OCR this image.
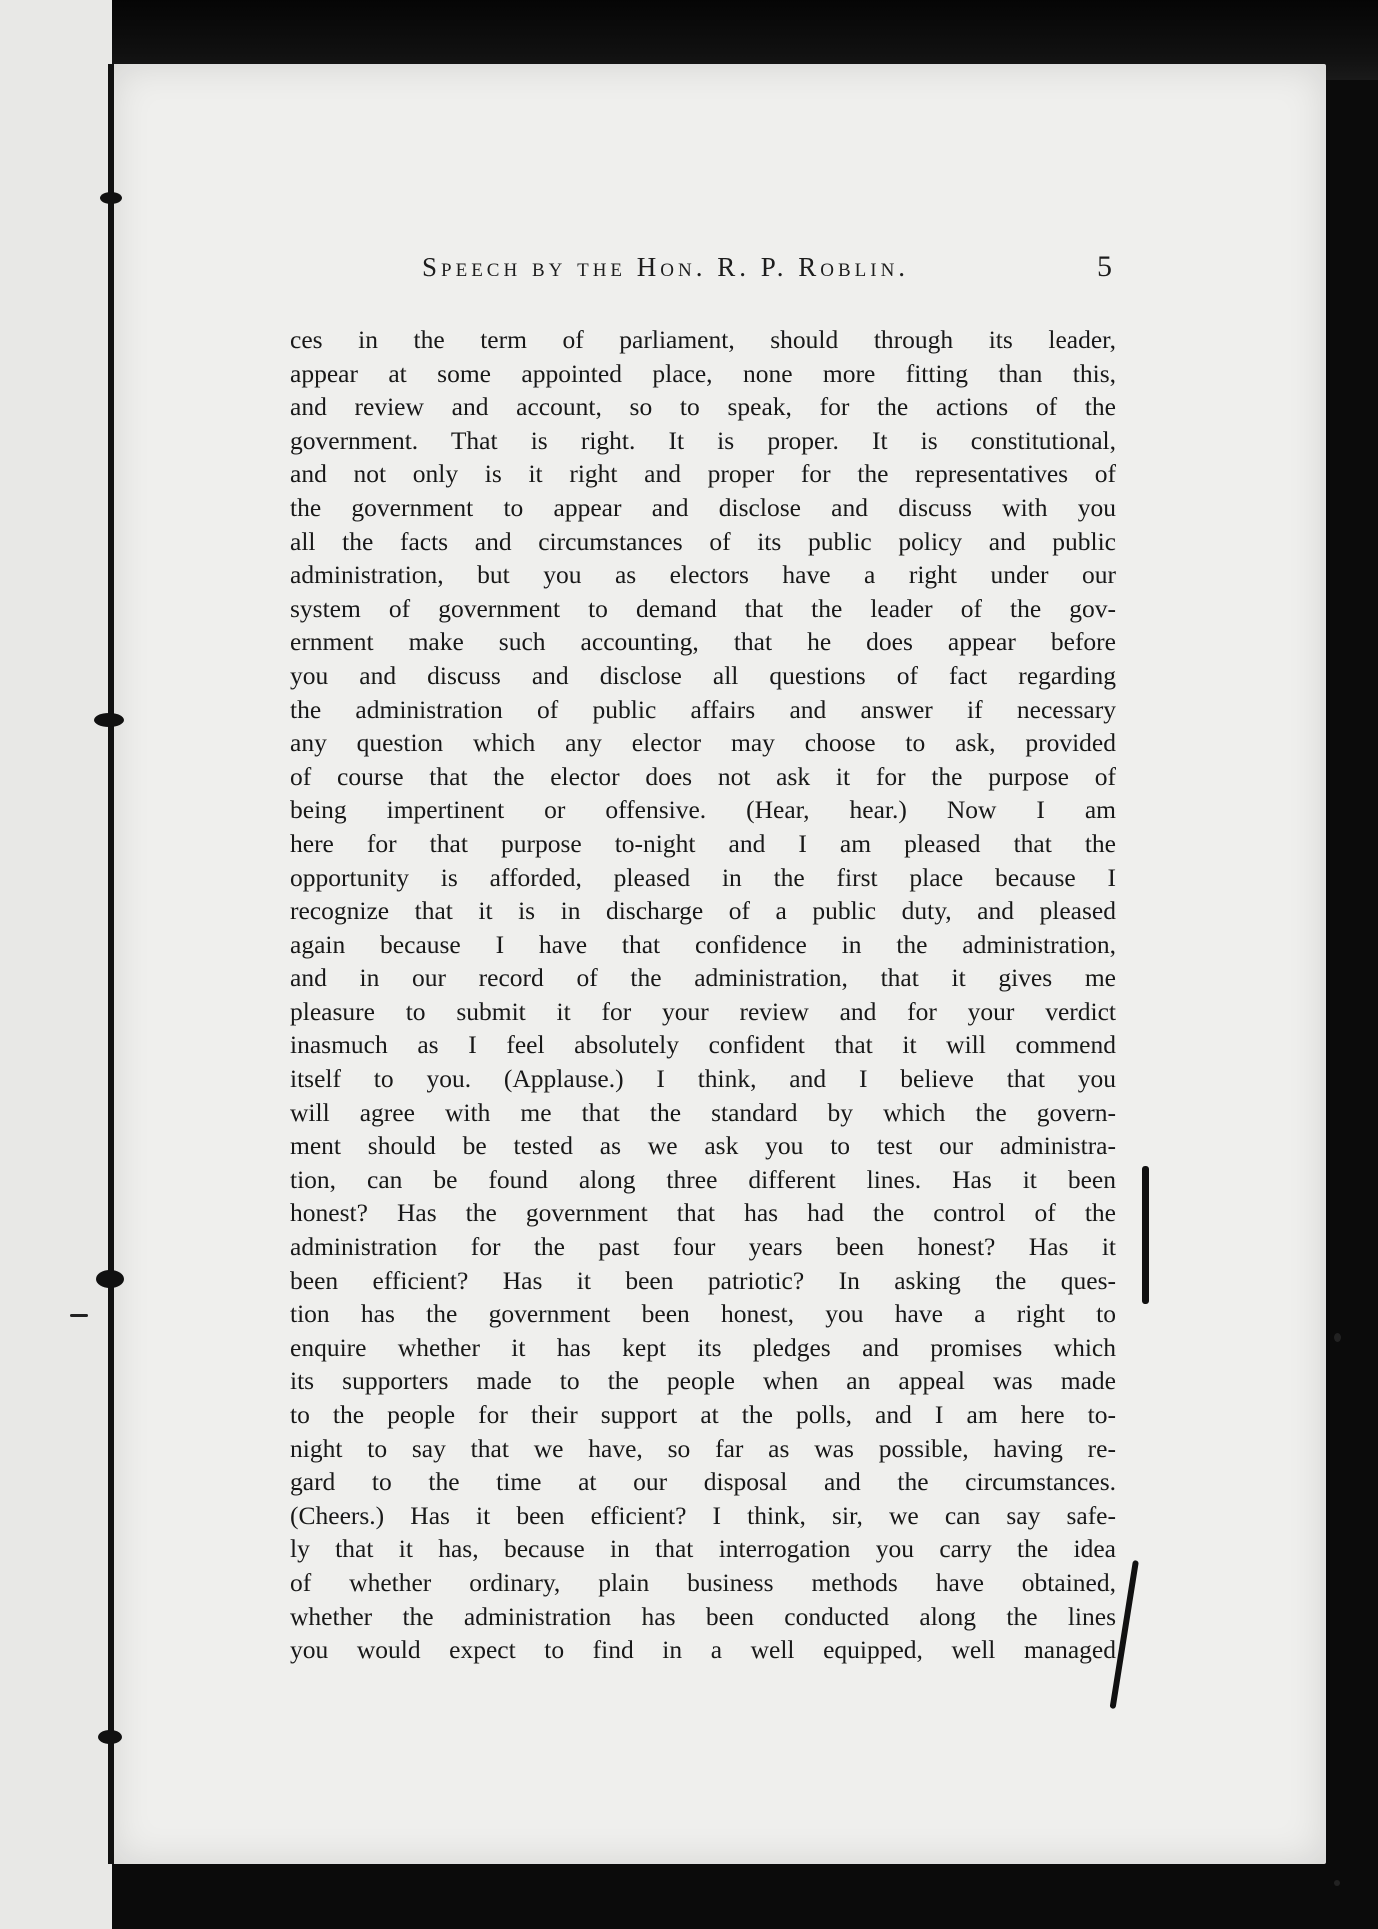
Speech by the Hon. R. P. Roblin.	5
ces in the term of parliament, should through its leader,
appear at some appointed place, none more fitting than this,
and review and account, so to speak, for the actions of the
government. That is right. It is proper. It is constitutional,
and not only is it right and proper for the representatives of
the government to appear and disclose and discuss with you
all the facts and circumstances of its public policy and public
administration, but you as electors have a right under our
system of government to demand that the leader of the gov-
ernment make such accounting, that he does appear before
you and discuss and disclose all questions of fact regarding
the administration of public affairs and answer if necessary
any question which any elector may choose to ask, provided
of course that the elector does not ask it for the purpose of
being impertinent or offensive. (Hear, hear.) Now I am
here for that purpose to-night and I am pleased that the
opportunity is afforded, pleased in the first place because I
recognize that it is in discharge of a public duty, and pleased
again because I have that confidence in the administration,
and in our record of the administration, that it gives me
pleasure to submit it for your review and for your verdict
inasmuch as I feel absolutely confident that it will commend
itself to you. (Applause.) I think, and I believe that you
will agree with me that the standard by which the govern-
ment should be tested as we ask you to test our administra-
tion, can be found along three different lines. Has it been
honest? Has the government that has had the control of the
administration for the past four years been honest? Has it
been efficient? Has it been patriotic? In asking the ques-
tion has the government been honest, you have a right to
enquire whether it has kept its pledges and promises which
its supporters made to the people when an appeal was made
to the people for their support at the polls, and I am here to-
night to say that we have, so far as was possible, having re-
gard to the time at our disposal and the circumstances.
(Cheers.) Has it been efficient? I think, sir, we can say safe-
ly that it has, because in that interrogation you carry the idea
of whether ordinary, plain business methods have obtained,
whether the administration has been conducted along the lines
you would expect to find in a well equipped, well managed
